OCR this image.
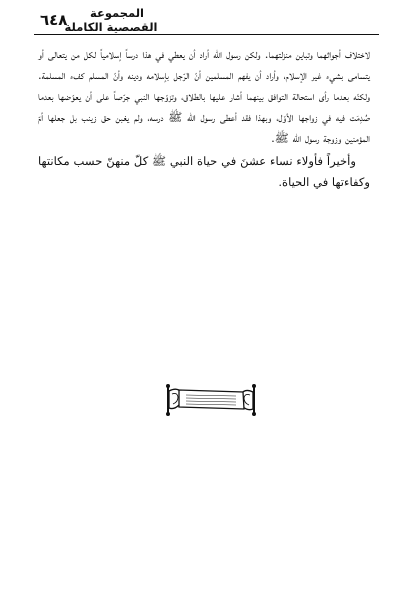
٦٤٨	المجموعة
القصصية الكاملة

لاختلاف أجواثهما وتباين منزلتهما. ولكن رسول الله أراد أن يعطي في هذا درساً إسلامياً لكل من يتعالى أو يتسامى بشيء غير الإسلام، وأراد أن يفهم المسلمين أنّ الرّجل بإسلامه ودينه وأنّ المسلم كفء المسلمة. ولكنّه بعدما رأى استحالة التوافق بينهما أشار عليها بالطلاق، وتزوّجها النبي جرّصاً على أن يعوّضها بعدما صُدِمَت فيه في زواجها الأوّل، وبهذا فقد أعطى رسول الله ﷺ درسه، ولم يغبن حق زينب بل جعلها أمّ المؤمنين وزوجة رسول الله ﷺ.

وأخيراً فأولاء نساء عشنَ في حياة النبي ﷺ كلّ منهنّ حسب مكانتها وكفاءتها في الحياة.
